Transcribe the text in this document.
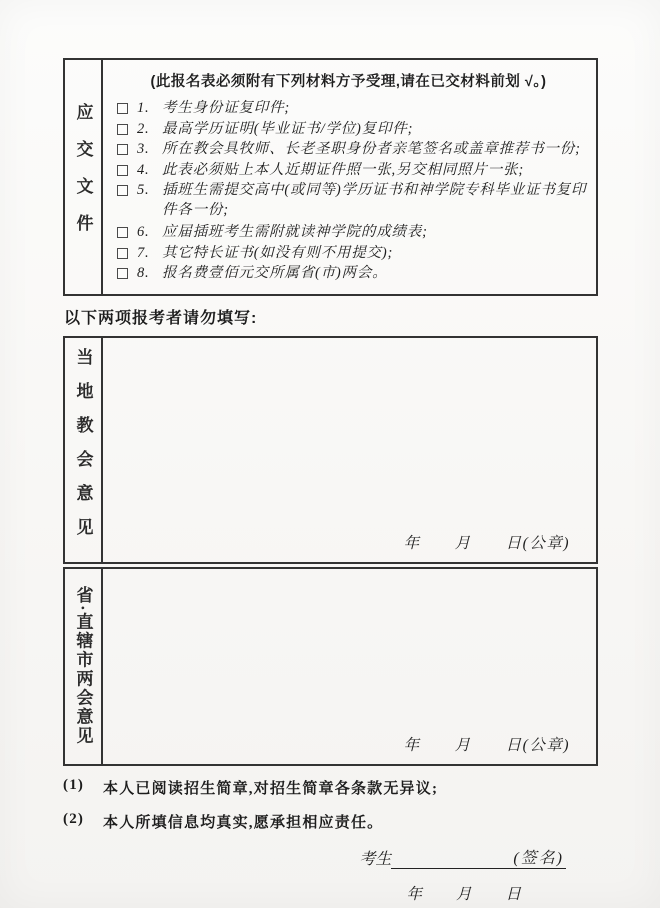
应交文件
(此报名表必须附有下列材料方予受理,请在已交材料前划 √。)
1. 考生身份证复印件;
2. 最高学历证明(毕业证书/学位)复印件;
3. 所在教会具牧师、长老圣职身份者亲笔签名或盖章推荐书一份;
4. 此表必须贴上本人近期证件照一张,另交相同照片一张;
5. 插班生需提交高中(或同等)学历证书和神学院专科毕业证书复印件各一份;
6. 应届插班考生需附就读神学院的成绩表;
7. 其它特长证书(如没有则不用提交);
8. 报名费壹佰元交所属省(市)两会。
以下两项报考者请勿填写:
当地教会意见	年　　月　　日(公章)
省·直辖市两会意见	年　　月　　日(公章)
(1)	本人已阅读招生简章,对招生简章各条款无异议;
(2)	本人所填信息均真实,愿承担相应责任。
考生	(签名)
年　　月　　日
